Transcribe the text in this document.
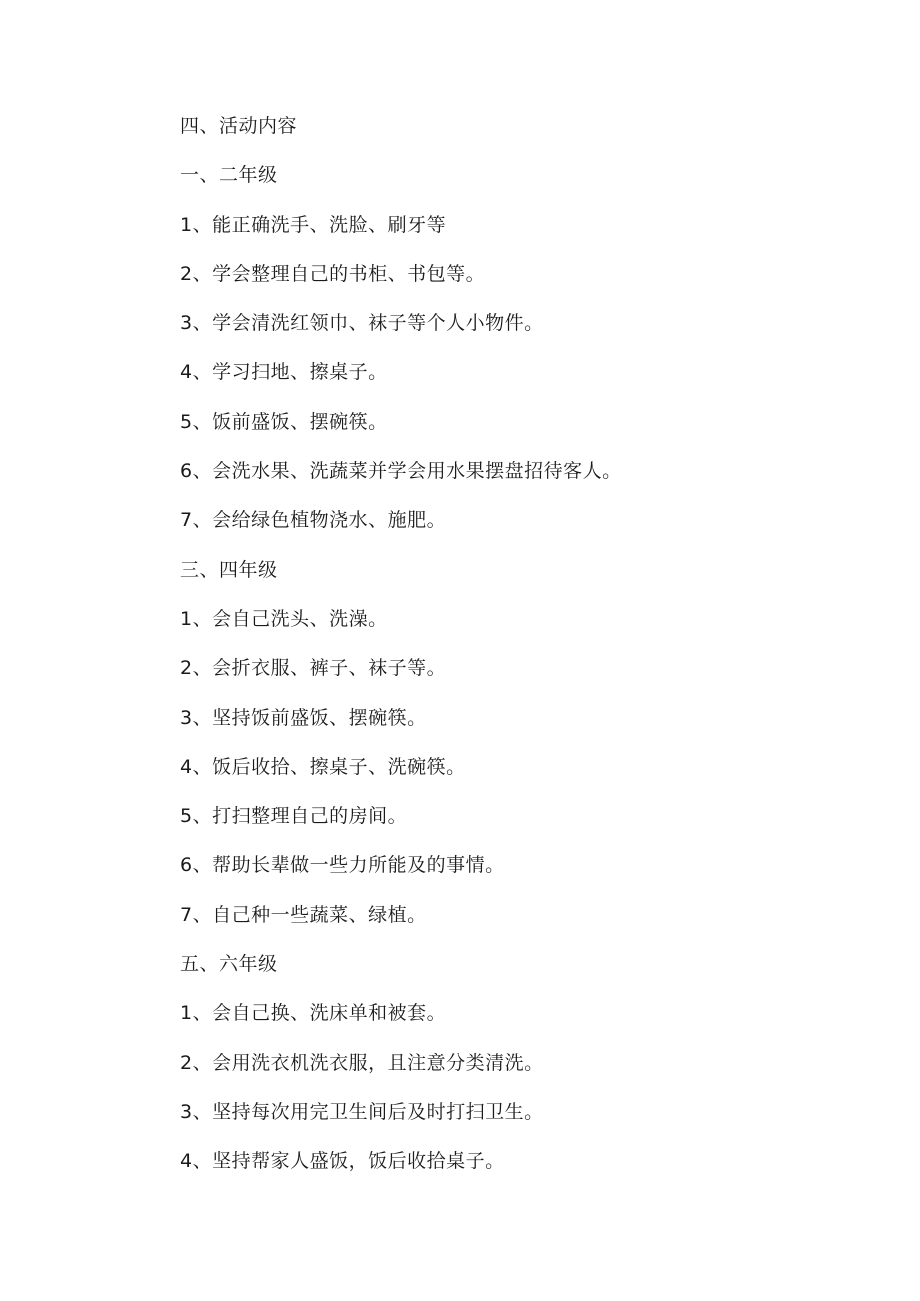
四、活动内容
一、二年级
1、能正确洗手、洗脸、刷牙等
2、学会整理自己的书柜、书包等。
3、学会清洗红领巾、袜子等个人小物件。
4、学习扫地、擦桌子。
5、饭前盛饭、摆碗筷。
6、会洗水果、洗蔬菜并学会用水果摆盘招待客人。
7、会给绿色植物浇水、施肥。
三、四年级
1、会自己洗头、洗澡。
2、会折衣服、裤子、袜子等。
3、坚持饭前盛饭、摆碗筷。
4、饭后收拾、擦桌子、洗碗筷。
5、打扫整理自己的房间。
6、帮助长辈做一些力所能及的事情。
7、自己种一些蔬菜、绿植。
五、六年级
1、会自己换、洗床单和被套。
2、会用洗衣机洗衣服，且注意分类清洗。
3、坚持每次用完卫生间后及时打扫卫生。
4、坚持帮家人盛饭，饭后收拾桌子。
